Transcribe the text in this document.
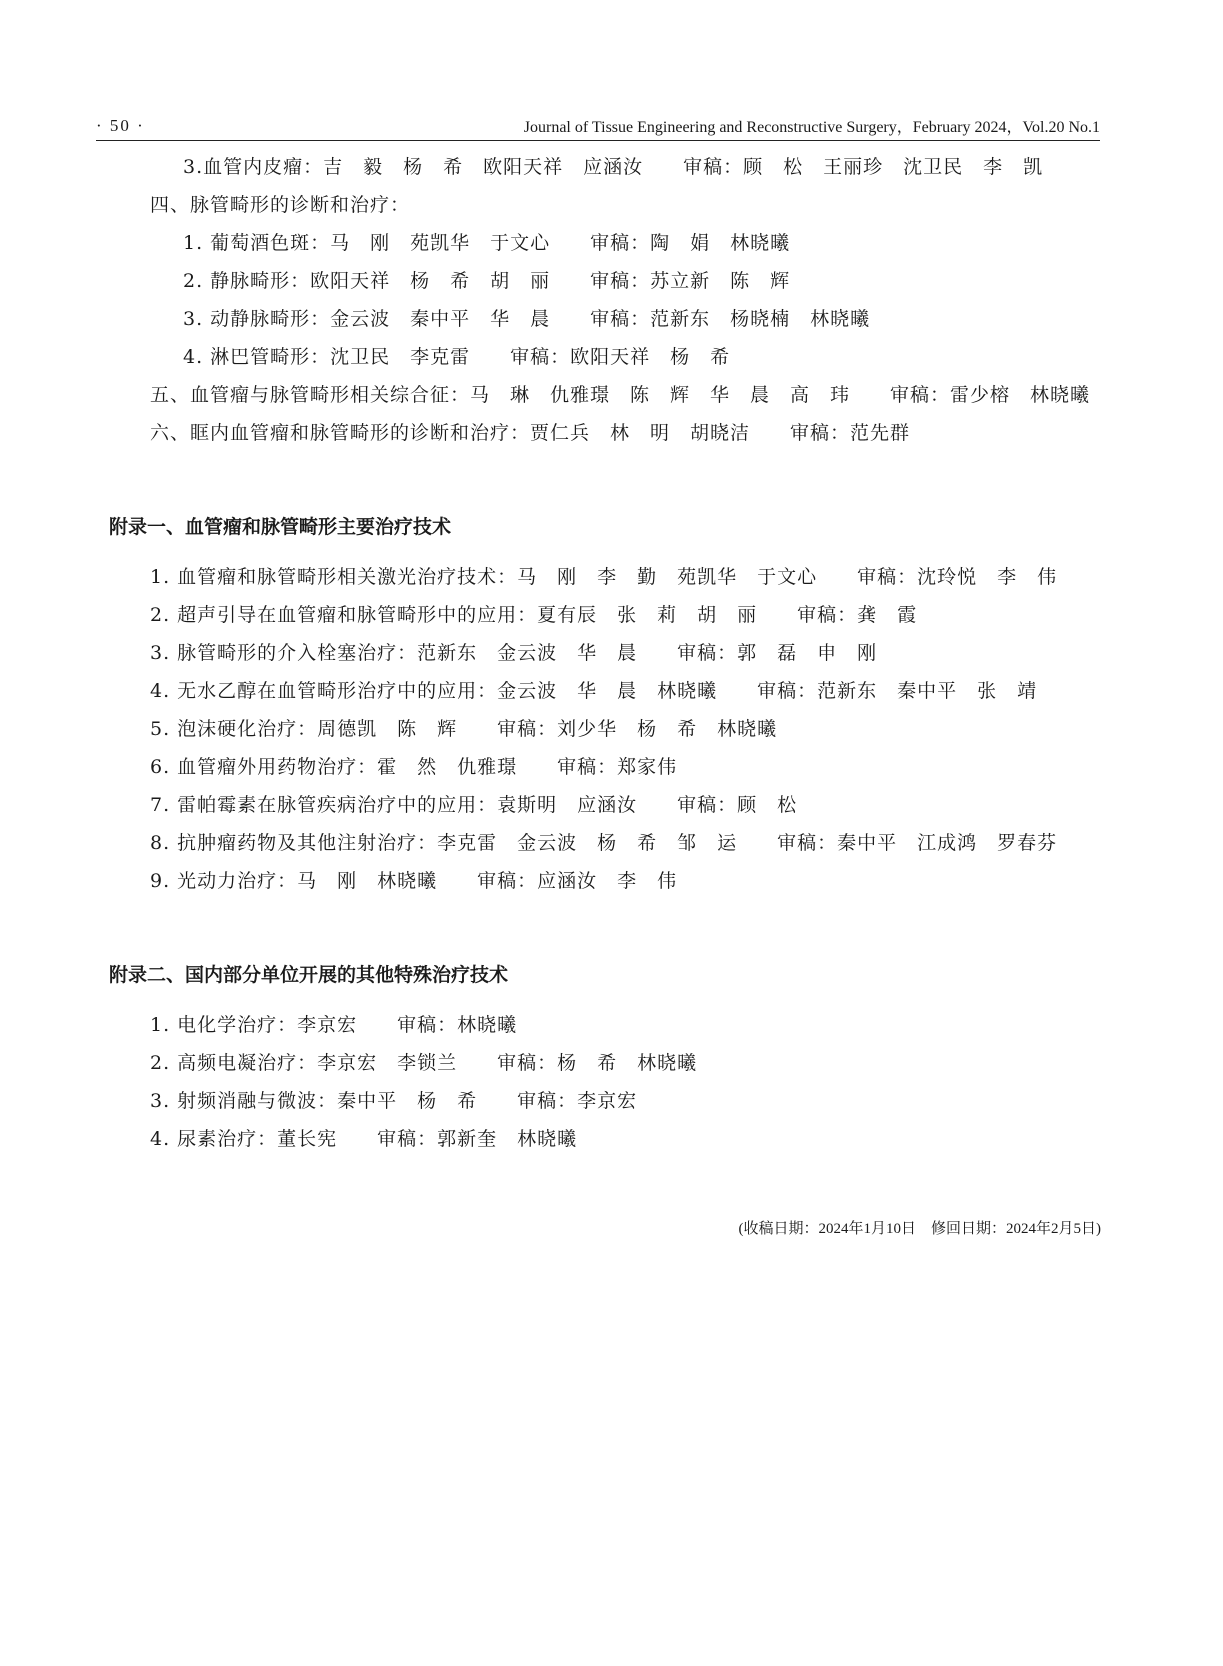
· 50 ·	Journal of Tissue Engineering and Reconstructive Surgery，February 2024，Vol.20 No.1
3.血管内皮瘤：吉　毅　杨　希　欧阳天祥　应涵汝　　审稿：顾　松　王丽珍　沈卫民　李　凯
四、脉管畸形的诊断和治疗：
1. 葡萄酒色斑：马　刚　苑凯华　于文心　　审稿：陶　娟　林晓曦
2. 静脉畸形：欧阳天祥　杨　希　胡　丽　　审稿：苏立新　陈　辉
3. 动静脉畸形：金云波　秦中平　华　晨　　审稿：范新东　杨晓楠　林晓曦
4. 淋巴管畸形：沈卫民　李克雷　　审稿：欧阳天祥　杨　希
五、血管瘤与脉管畸形相关综合征：马　琳　仇雅璟　陈　辉　华　晨　高　玮　　审稿：雷少榕　林晓曦
六、眶内血管瘤和脉管畸形的诊断和治疗：贾仁兵　林　明　胡晓洁　　审稿：范先群
附录一、血管瘤和脉管畸形主要治疗技术
1. 血管瘤和脉管畸形相关激光治疗技术：马　刚　李　勤　苑凯华　于文心　　审稿：沈玲悦　李　伟
2. 超声引导在血管瘤和脉管畸形中的应用：夏有辰　张　莉　胡　丽　　审稿：龚　霞
3. 脉管畸形的介入栓塞治疗：范新东　金云波　华　晨　　审稿：郭　磊　申　刚
4. 无水乙醇在血管畸形治疗中的应用：金云波　华　晨　林晓曦　　审稿：范新东　秦中平　张　靖
5. 泡沫硬化治疗：周德凯　陈　辉　　审稿：刘少华　杨　希　林晓曦
6. 血管瘤外用药物治疗：霍　然　仇雅璟　　审稿：郑家伟
7. 雷帕霉素在脉管疾病治疗中的应用：袁斯明　应涵汝　　审稿：顾　松
8. 抗肿瘤药物及其他注射治疗：李克雷　金云波　杨　希　邹　运　　审稿：秦中平　江成鸿　罗春芬
9. 光动力治疗：马　刚　林晓曦　　审稿：应涵汝　李　伟
附录二、国内部分单位开展的其他特殊治疗技术
1. 电化学治疗：李京宏　　审稿：林晓曦
2. 高频电凝治疗：李京宏　李锁兰　　审稿：杨　希　林晓曦
3. 射频消融与微波：秦中平　杨　希　　审稿：李京宏
4. 尿素治疗：董长宪　　审稿：郭新奎　林晓曦
(收稿日期：2024年1月10日　修回日期：2024年2月5日)
